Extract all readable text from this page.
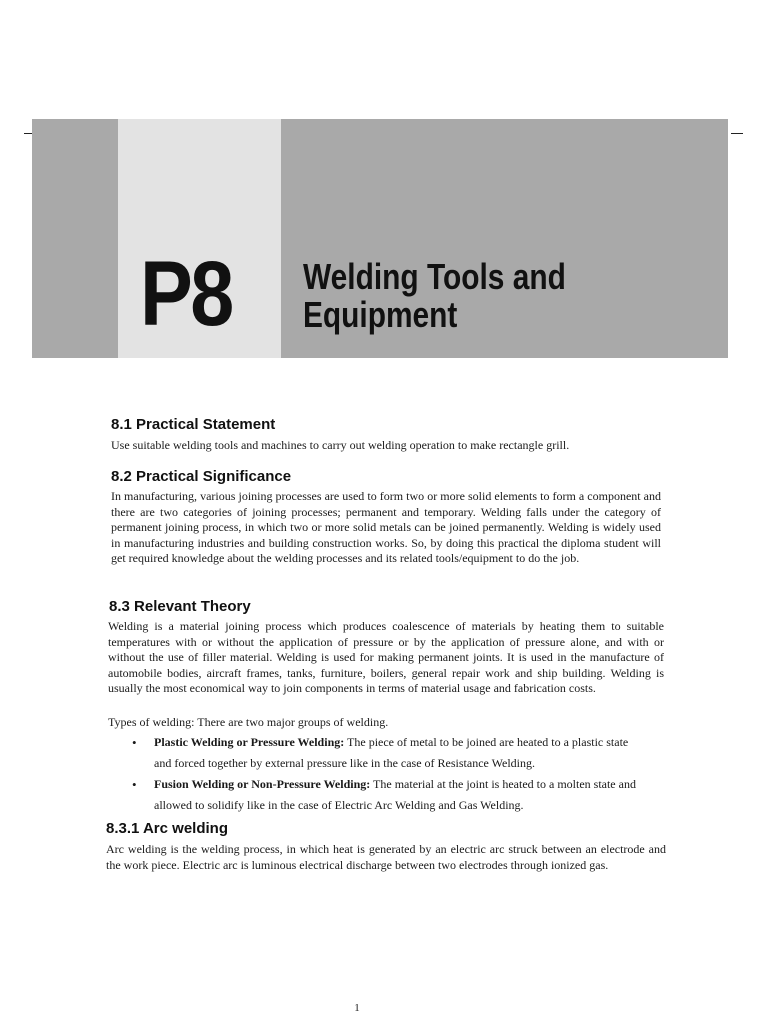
P8	Welding Tools and
Equipment
8.1 Practical Statement

Use suitable welding tools and machines to carry out welding operation to make rectangle grill.

8.2 Practical Significance

In manufacturing, various joining processes are used to form two or more solid elements to form a component and there are two categories of joining processes; permanent and temporary. Welding falls under the category of permanent joining process, in which two or more solid metals can be joined permanently. Welding is widely used in manufacturing industries and building construction works. So, by doing this practical the diploma student will get required knowledge about the welding processes and its related tools/equipment to do the job.

8.3 Relevant Theory

Welding is a material joining process which produces coalescence of materials by heating them to suitable temperatures with or without the application of pressure or by the application of pressure alone, and with or without the use of filler material. Welding is used for making permanent joints. It is used in the manufacture of automobile bodies, aircraft frames, tanks, furniture, boilers, general repair work and ship building. Welding is usually the most economical way to join components in terms of material usage and fabrication costs.

Types of welding: There are two major groups of welding.

• Plastic Welding or Pressure Welding: The piece of metal to be joined are heated to a plastic state and forced together by external pressure like in the case of Resistance Welding.
• Fusion Welding or Non-Pressure Welding: The material at the joint is heated to a molten state and allowed to solidify like in the case of Electric Arc Welding and Gas Welding.
8.3.1 Arc welding

Arc welding is the welding process, in which heat is generated by an electric arc struck between an electrode and the work piece. Electric arc is luminous electrical discharge between two electrodes through ionized gas.

1
